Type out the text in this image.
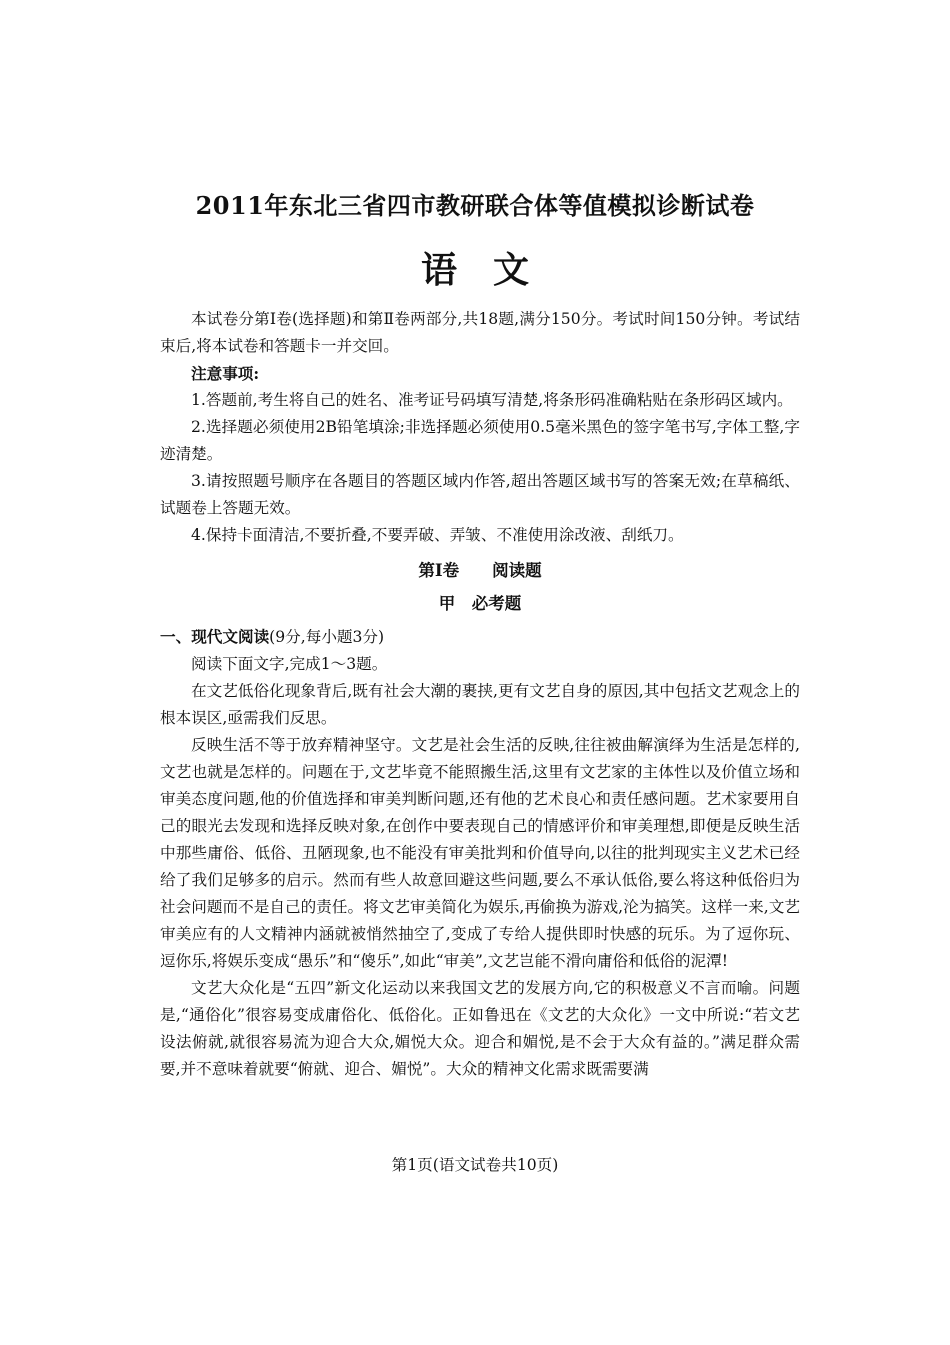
2011年东北三省四市教研联合体等值模拟诊断试卷
语文

本试卷分第Ⅰ卷(选择题)和第Ⅱ卷两部分,共18题,满分150分。考试时间150分钟。考试结束后,将本试卷和答题卡一并交回。

注意事项:

1.答题前,考生将自己的姓名、准考证号码填写清楚,将条形码准确粘贴在条形码区域内。

2.选择题必须使用2B铅笔填涂;非选择题必须使用0.5毫米黑色的签字笔书写,字体工整,字迹清楚。

3.请按照题号顺序在各题目的答题区域内作答,超出答题区域书写的答案无效;在草稿纸、试题卷上答题无效。

4.保持卡面清洁,不要折叠,不要弄破、弄皱、不准使用涂改液、刮纸刀。

第Ⅰ卷　　阅读题
甲　必考题

一、现代文阅读(9分,每小题3分)

阅读下面文字,完成1～3题。

在文艺低俗化现象背后,既有社会大潮的裹挟,更有文艺自身的原因,其中包括文艺观念上的根本误区,亟需我们反思。

反映生活不等于放弃精神坚守。文艺是社会生活的反映,往往被曲解演绎为生活是怎样的,文艺也就是怎样的。问题在于,文艺毕竟不能照搬生活,这里有文艺家的主体性以及价值立场和审美态度问题,他的价值选择和审美判断问题,还有他的艺术良心和责任感问题。艺术家要用自己的眼光去发现和选择反映对象,在创作中要表现自己的情感评价和审美理想,即便是反映生活中那些庸俗、低俗、丑陋现象,也不能没有审美批判和价值导向,以往的批判现实主义艺术已经给了我们足够多的启示。然而有些人故意回避这些问题,要么不承认低俗,要么将这种低俗归为社会问题而不是自己的责任。将文艺审美简化为娱乐,再偷换为游戏,沦为搞笑。这样一来,文艺审美应有的人文精神内涵就被悄然抽空了,变成了专给人提供即时快感的玩乐。为了逗你玩、逗你乐,将娱乐变成“愚乐”和“傻乐”,如此“审美”,文艺岂能不滑向庸俗和低俗的泥潭!

文艺大众化是“五四”新文化运动以来我国文艺的发展方向,它的积极意义不言而喻。问题是,“通俗化”很容易变成庸俗化、低俗化。正如鲁迅在《文艺的大众化》一文中所说:“若文艺设法俯就,就很容易流为迎合大众,媚悦大众。迎合和媚悦,是不会于大众有益的。”满足群众需要,并不意味着就要“俯就、迎合、媚悦”。大众的精神文化需求既需要满

第1页(语文试卷共10页)
